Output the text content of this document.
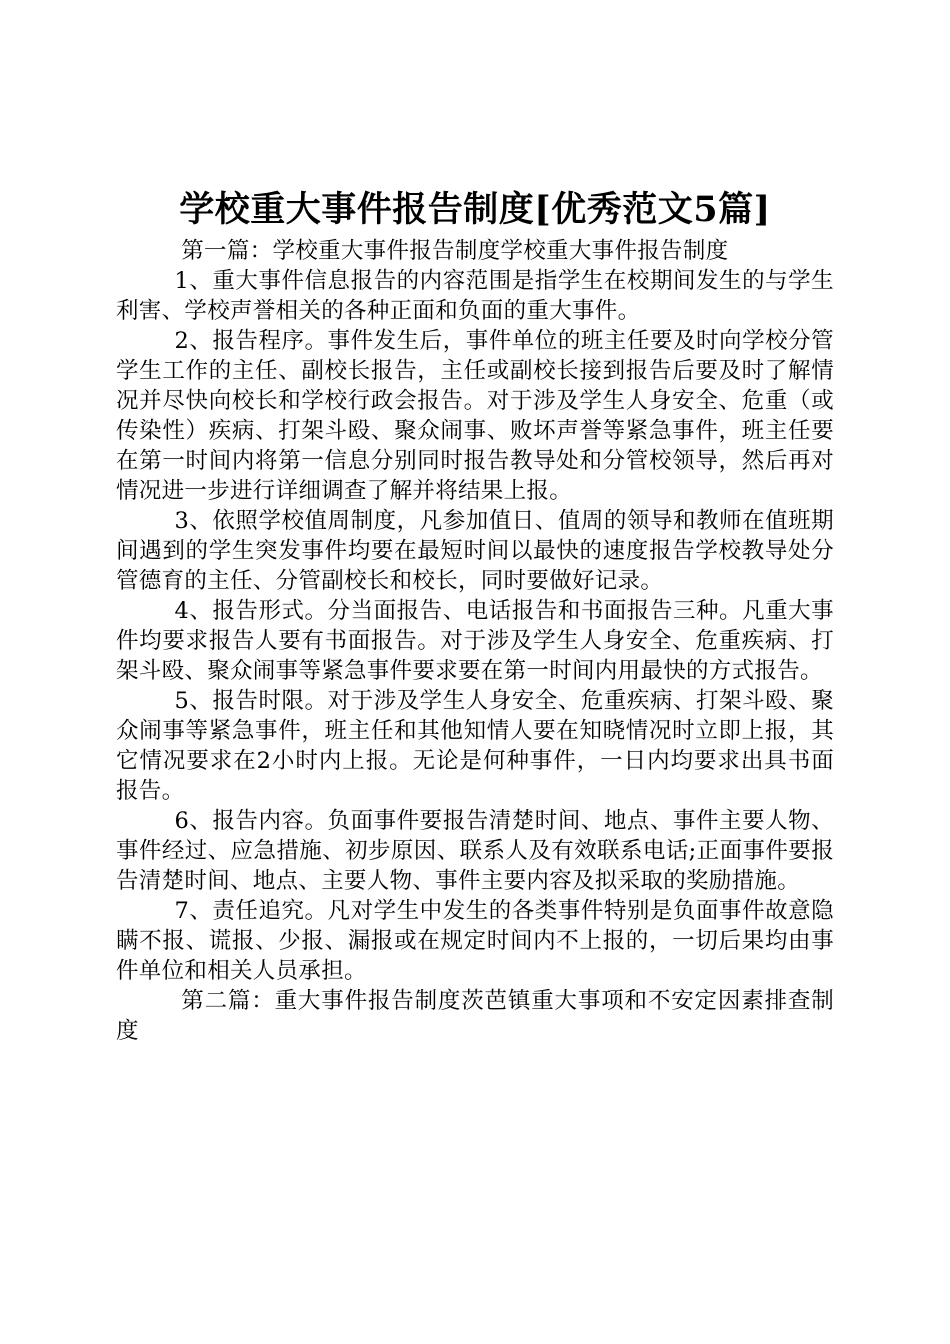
学校重大事件报告制度[优秀范文5篇]

第一篇：学校重大事件报告制度学校重大事件报告制度

1、重大事件信息报告的内容范围是指学生在校期间发生的与学生利害、学校声誉相关的各种正面和负面的重大事件。

2、报告程序。事件发生后，事件单位的班主任要及时向学校分管学生工作的主任、副校长报告，主任或副校长接到报告后要及时了解情况并尽快向校长和学校行政会报告。对于涉及学生人身安全、危重（或传染性）疾病、打架斗殴、聚众闹事、败坏声誉等紧急事件，班主任要在第一时间内将第一信息分别同时报告教导处和分管校领导，然后再对情况进一步进行详细调查了解并将结果上报。

3、依照学校值周制度，凡参加值日、值周的领导和教师在值班期间遇到的学生突发事件均要在最短时间以最快的速度报告学校教导处分管德育的主任、分管副校长和校长，同时要做好记录。

4、报告形式。分当面报告、电话报告和书面报告三种。凡重大事件均要求报告人要有书面报告。对于涉及学生人身安全、危重疾病、打架斗殴、聚众闹事等紧急事件要求要在第一时间内用最快的方式报告。

5、报告时限。对于涉及学生人身安全、危重疾病、打架斗殴、聚众闹事等紧急事件，班主任和其他知情人要在知晓情况时立即上报，其它情况要求在2小时内上报。无论是何种事件，一日内均要求出具书面报告。

6、报告内容。负面事件要报告清楚时间、地点、事件主要人物、事件经过、应急措施、初步原因、联系人及有效联系电话;正面事件要报告清楚时间、地点、主要人物、事件主要内容及拟采取的奖励措施。

7、责任追究。凡对学生中发生的各类事件特别是负面事件故意隐瞒不报、谎报、少报、漏报或在规定时间内不上报的，一切后果均由事件单位和相关人员承担。

第二篇：重大事件报告制度茨芭镇重大事项和不安定因素排查制度
